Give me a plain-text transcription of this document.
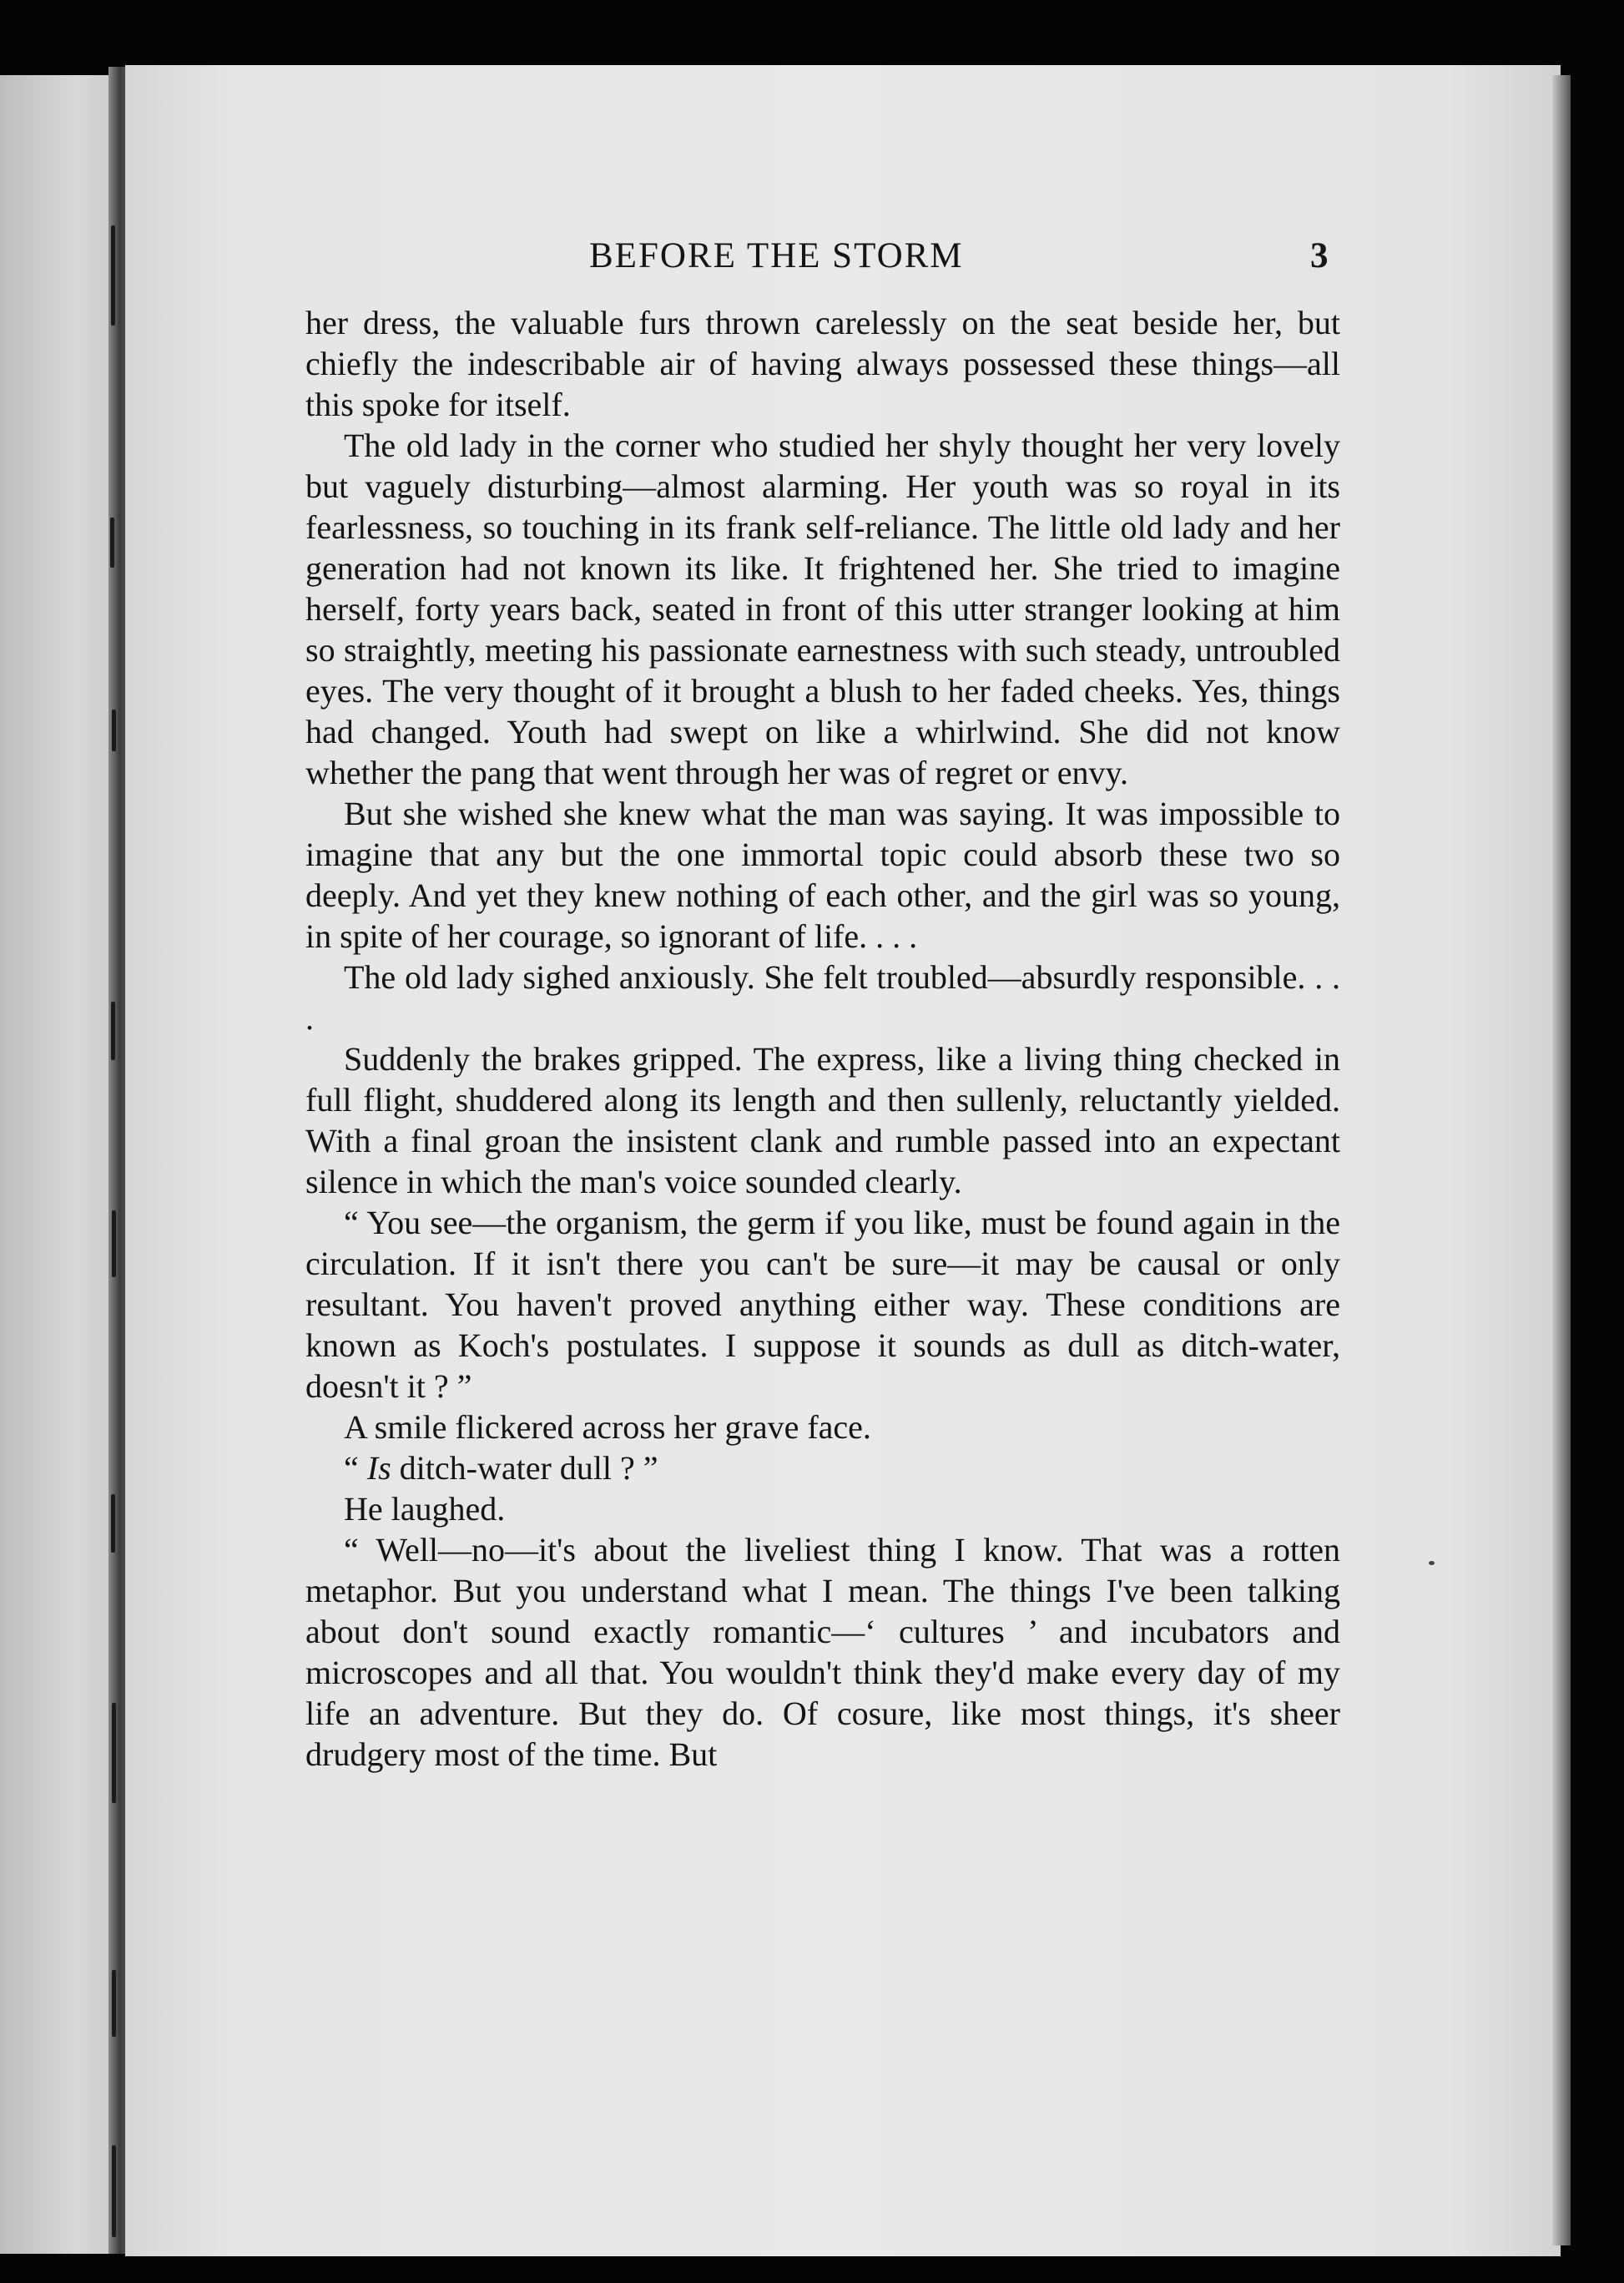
BEFORE THE STORM	3

her dress, the valuable furs thrown carelessly on the seat beside her, but chiefly the indescribable air of having always possessed these things—all this spoke for itself.

The old lady in the corner who studied her shyly thought her very lovely but vaguely disturbing—almost alarming. Her youth was so royal in its fearlessness, so touching in its frank self-reliance. The little old lady and her generation had not known its like. It frightened her. She tried to imagine herself, forty years back, seated in front of this utter stranger looking at him so straightly, meeting his passionate earnestness with such steady, untroubled eyes. The very thought of it brought a blush to her faded cheeks. Yes, things had changed. Youth had swept on like a whirlwind. She did not know whether the pang that went through her was of regret or envy.

But she wished she knew what the man was saying. It was impossible to imagine that any but the one immortal topic could absorb these two so deeply. And yet they knew nothing of each other, and the girl was so young, in spite of her courage, so ignorant of life. . . .

The old lady sighed anxiously. She felt troubled—absurdly responsible. . . .

Suddenly the brakes gripped. The express, like a living thing checked in full flight, shuddered along its length and then sullenly, reluctantly yielded. With a final groan the insistent clank and rumble passed into an expectant silence in which the man's voice sounded clearly.

“ You see—the organism, the germ if you like, must be found again in the circulation. If it isn't there you can't be sure—it may be causal or only resultant. You haven't proved anything either way. These conditions are known as Koch's postulates. I suppose it sounds as dull as ditch-water, doesn't it ? ”

A smile flickered across her grave face.

“ Is ditch-water dull ? ”

He laughed.

“ Well—no—it's about the liveliest thing I know. That was a rotten metaphor. But you understand what I mean. The things I've been talking about don't sound exactly romantic—‘ cultures ’ and incubators and microscopes and all that. You wouldn't think they'd make every day of my life an adventure. But they do. Of cosure, like most things, it's sheer drudgery most of the time. But
